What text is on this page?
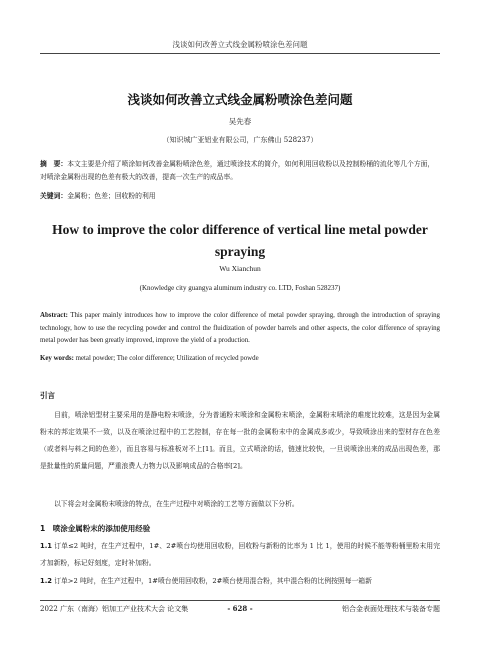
浅谈如何改善立式线金属粉喷涂色差问题
浅谈如何改善立式线金属粉喷涂色差问题
吴先春
（知识城广亚铝业有限公司，广东佛山 528237）
摘　要：本文主要是介绍了喷涂如何改善金属粉喷涂色差，通过喷涂技术的简介，如何利用回收粉以及控制粉桶的流化等几个方面，对喷涂金属粉出现的色差有极大的改善，提高一次生产的成品率。
关键词：金属粉；色差；回收粉的利用
How to improve the color difference of vertical line metal powder spraying
Wu Xianchun
(Knowledge city guangya aluminum industry co. LTD, Foshan 528237)
Abstract: This paper mainly introduces how to improve the color difference of metal powder spraying, through the introduction of spraying technology, how to use the recycling powder and control the fluidization of powder barrels and other aspects, the color difference of spraying metal powder has been greatly improved, improve the yield of a production.
Key words: metal powder; The color difference; Utilization of recycled powde
引言
目前，喷涂铝型材主要采用的是静电粉末喷涂，分为普通粉末喷涂和金属粉末喷涂，金属粉末喷涂的难度比较难，这是因为金属粉末的邦定效果不一致，以及在喷涂过程中的工艺控制，存在每一批的金属粉末中的金属成多或少，导致喷涂出来的型材存在色差（或者料与料之间的色差），而且容易与标准板对不上[1]。而且，立式喷涂的话，链速比较快，一旦说喷涂出来的成品出现色差，那是批量性的质量问题，严重浪费人力物力以及影响成品的合格率[2]。
以下将会对金属粉末喷涂的特点，在生产过程中对喷涂的工艺等方面做以下分析。
1　喷涂金属粉末的添加使用经验
1.1 订单≤2 吨时，在生产过程中，1#、2#喷台均使用回收粉，回收粉与新粉的比率为 1 比 1，使用的时候不能等粉桶里粉末用完才加新粉，标记好刻度，定时补加粉。
1.2 订单>2 吨时，在生产过程中，1#喷台使用回收粉，2#喷台使用混合粉，其中混合粉的比例按照每一箱新
2022 广东（南海）铝加工产业技术大会 论文集	- 628 -	铝合金表面处理技术与装备专题
